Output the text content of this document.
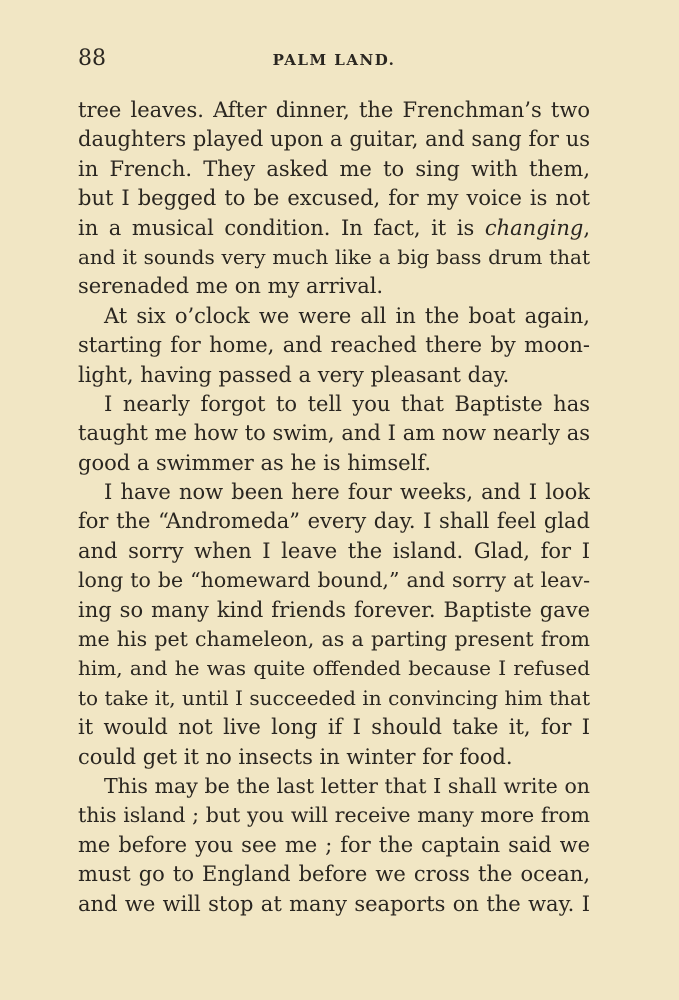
88	PALM LAND.
tree leaves. After dinner, the Frenchman’s two
daughters played upon a guitar, and sang for us
in French. They asked me to sing with them,
but I begged to be excused, for my voice is not
in a musical condition. In fact, it is changing,
and it sounds very much like a big bass drum that
serenaded me on my arrival.
At six o’clock we were all in the boat again,
starting for home, and reached there by moon-
light, having passed a very pleasant day.
I nearly forgot to tell you that Baptiste has
taught me how to swim, and I am now nearly as
good a swimmer as he is himself.
I have now been here four weeks, and I look
for the “Andromeda” every day. I shall feel glad
and sorry when I leave the island. Glad, for I
long to be “homeward bound,” and sorry at leav-
ing so many kind friends forever. Baptiste gave
me his pet chameleon, as a parting present from
him, and he was quite offended because I refused
to take it, until I succeeded in convincing him that
it would not live long if I should take it, for I
could get it no insects in winter for food.
This may be the last letter that I shall write on
this island ; but you will receive many more from
me before you see me ; for the captain said we
must go to England before we cross the ocean,
and we will stop at many seaports on the way. I
